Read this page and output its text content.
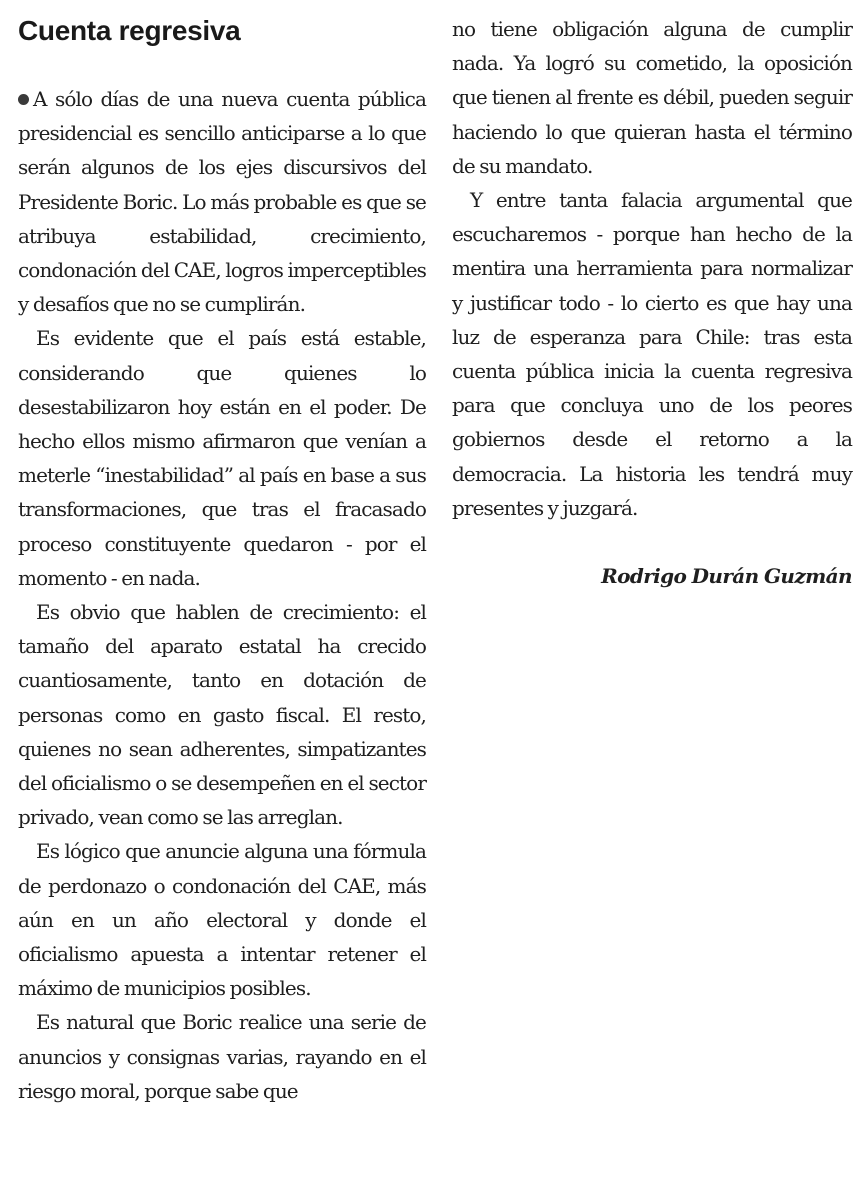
Cuenta regresiva

A sólo días de una nueva cuenta pública presidencial es sencillo anticiparse a lo que serán algunos de los ejes discursivos del Presidente Boric. Lo más probable es que se atribuya estabilidad, crecimiento, condonación del CAE, logros imperceptibles y desafíos que no se cumplirán.

Es evidente que el país está estable, considerando que quienes lo desestabilizaron hoy están en el poder. De hecho ellos mismo afirmaron que venían a meterle “inestabilidad” al país en base a sus transformaciones, que tras el fracasado proceso constituyente quedaron - por el momento - en nada.

Es obvio que hablen de crecimiento: el tamaño del aparato estatal ha crecido cuantiosamente, tanto en dotación de personas como en gasto fiscal. El resto, quienes no sean adherentes, simpatizantes del oficialismo o se desempeñen en el sector privado, vean como se las arreglan.

Es lógico que anuncie alguna una fórmula de perdonazo o condonación del CAE, más aún en un año electoral y donde el oficialismo apuesta a intentar retener el máximo de municipios posibles.

Es natural que Boric realice una serie de anuncios y consignas varias, rayando en el riesgo moral, porque sabe que

no tiene obligación alguna de cumplir nada. Ya logró su cometido, la oposición que tienen al frente es débil, pueden seguir haciendo lo que quieran hasta el término de su mandato.

Y entre tanta falacia argumental que escucharemos - porque han hecho de la mentira una herramienta para normalizar y justificar todo - lo cierto es que hay una luz de esperanza para Chile: tras esta cuenta pública inicia la cuenta regresiva para que concluya uno de los peores gobiernos desde el retorno a la democracia. La historia les tendrá muy presentes y juzgará.

Rodrigo Durán Guzmán
